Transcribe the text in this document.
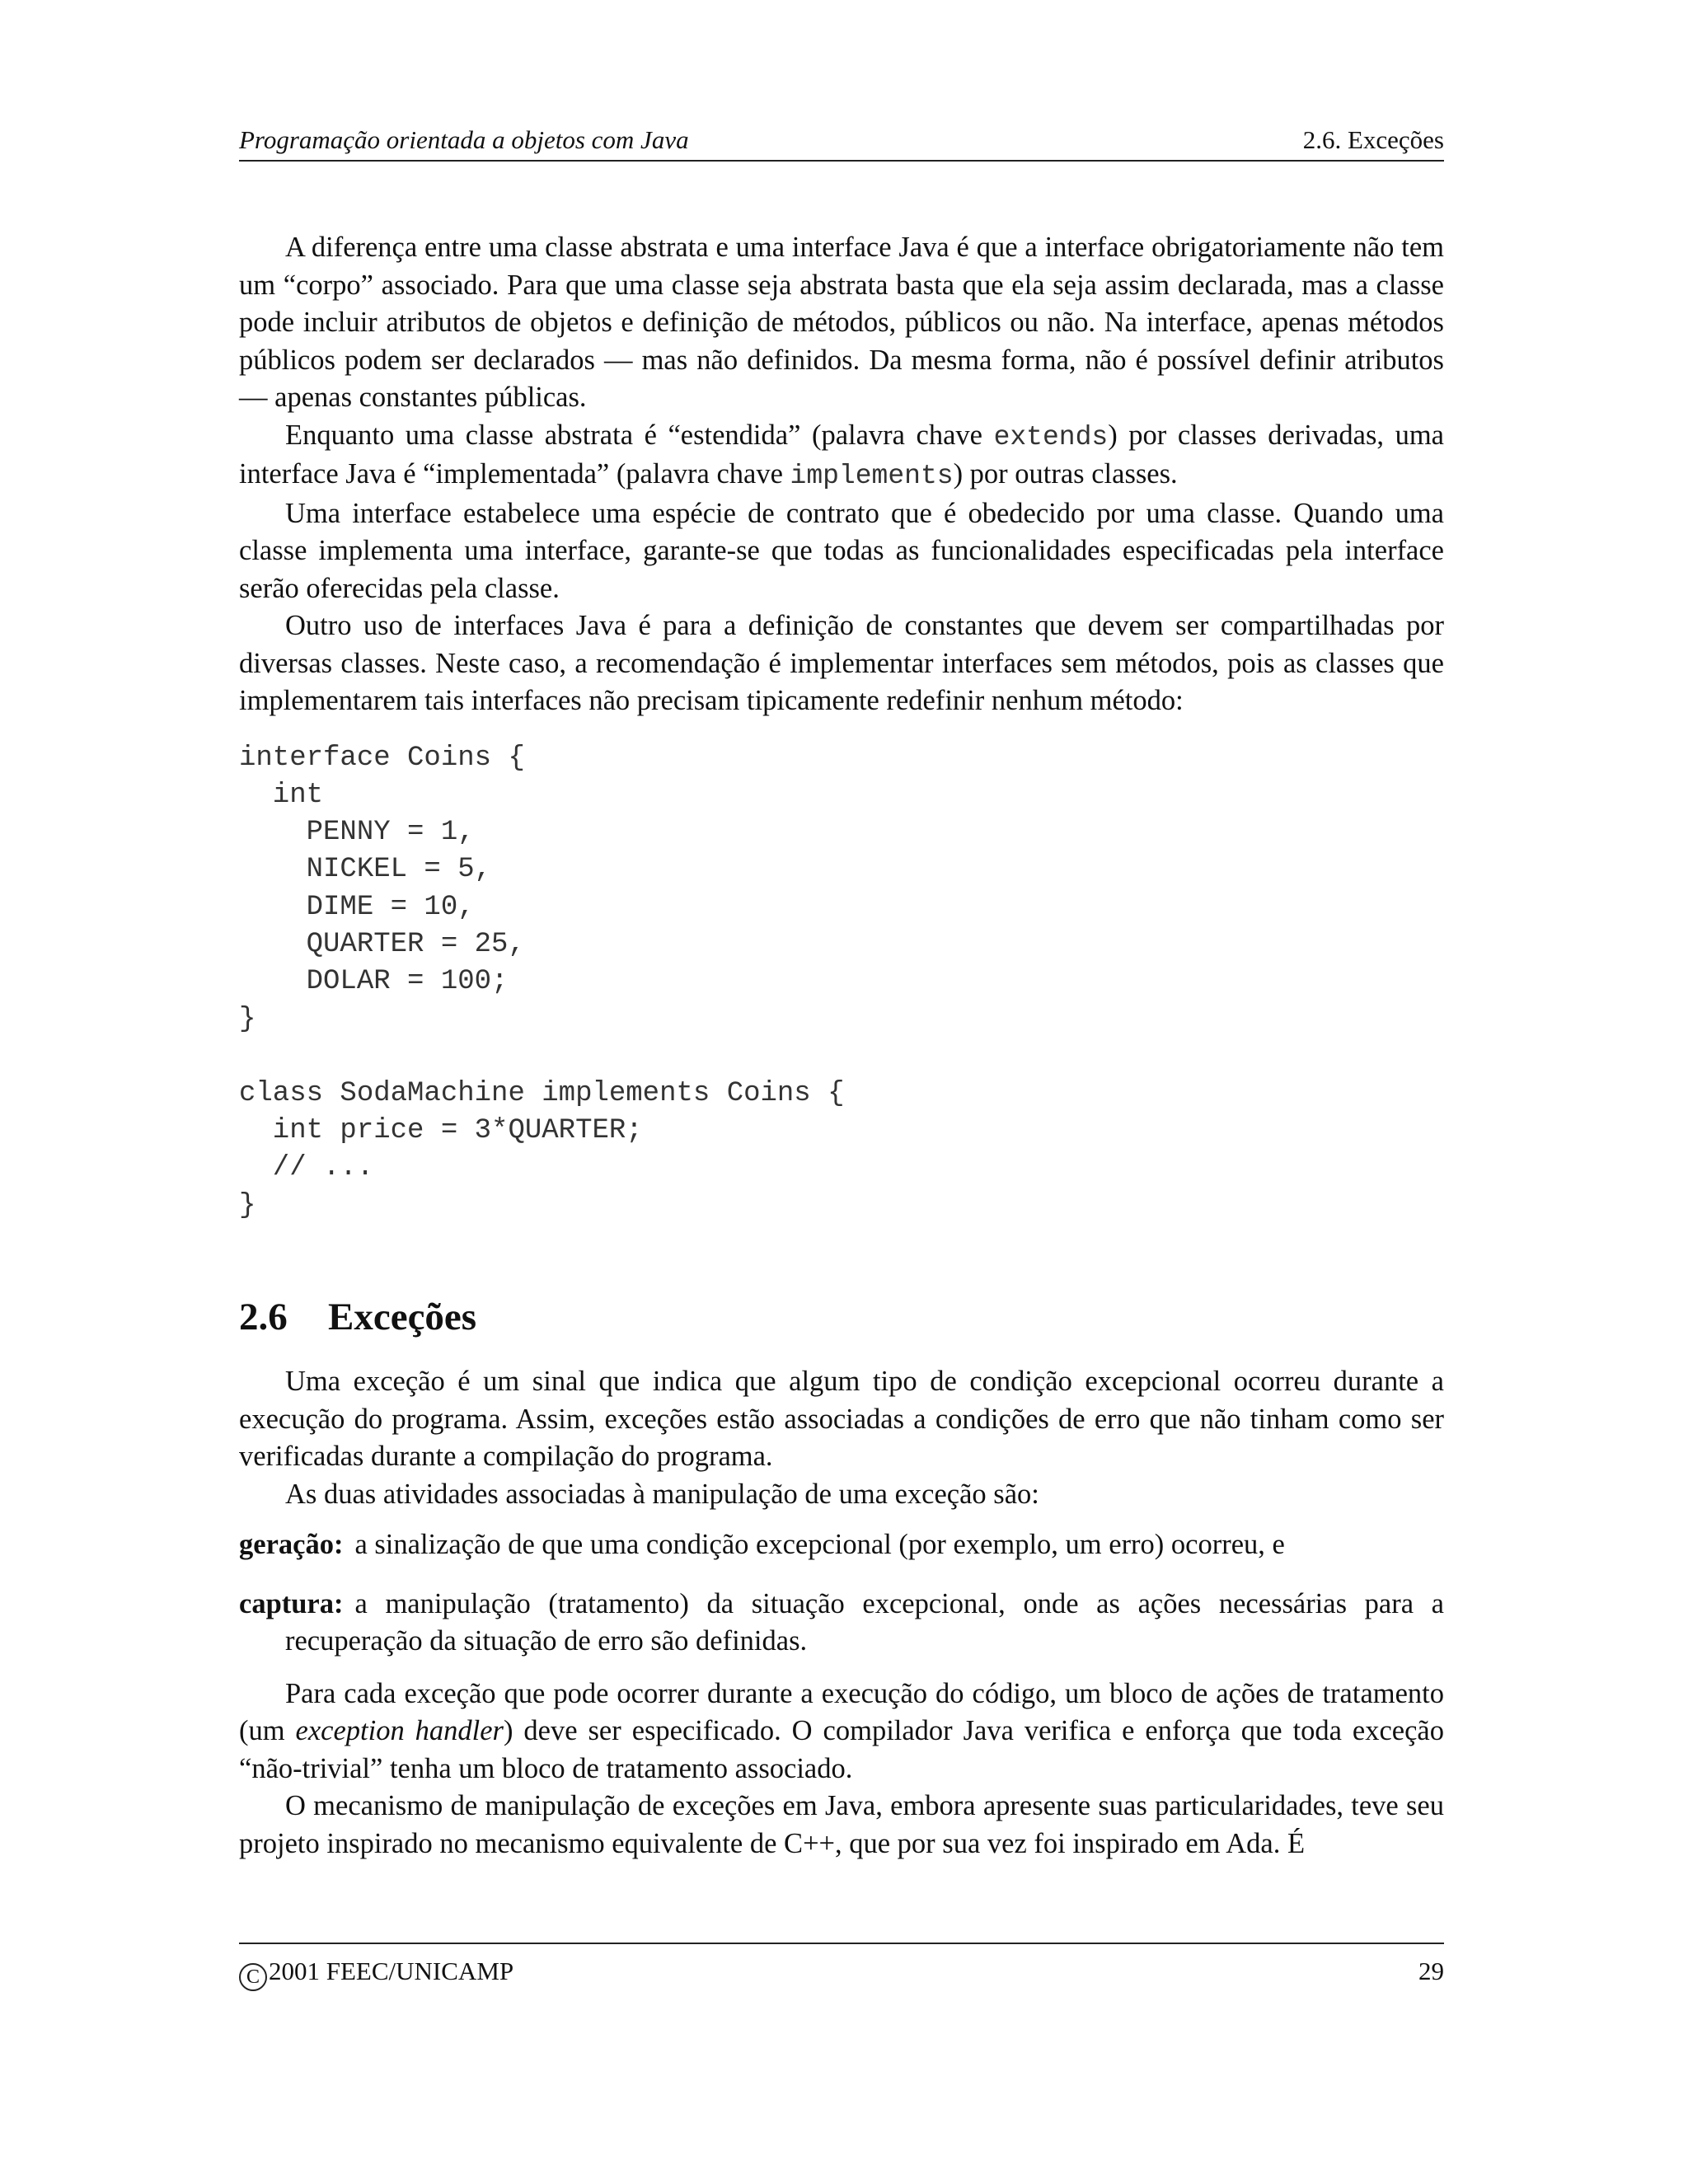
Programação orientada a objetos com Java	2.6. Exceções

A diferença entre uma classe abstrata e uma interface Java é que a interface obrigatoriamente não tem um “corpo” associado. Para que uma classe seja abstrata basta que ela seja assim declarada, mas a classe pode incluir atributos de objetos e definição de métodos, públicos ou não. Na interface, apenas métodos públicos podem ser declarados — mas não definidos. Da mesma forma, não é possível definir atributos — apenas constantes públicas.

Enquanto uma classe abstrata é “estendida” (palavra chave extends) por classes derivadas, uma interface Java é “implementada” (palavra chave implements) por outras classes.

Uma interface estabelece uma espécie de contrato que é obedecido por uma classe. Quando uma classe implementa uma interface, garante-se que todas as funcionalidades especificadas pela interface serão oferecidas pela classe.

Outro uso de interfaces Java é para a definição de constantes que devem ser compartilhadas por diversas classes. Neste caso, a recomendação é implementar interfaces sem métodos, pois as classes que implementarem tais interfaces não precisam tipicamente redefinir nenhum método:

interface Coins {
int
PENNY = 1,
NICKEL = 5,
DIME = 10,
QUARTER = 25,
DOLAR = 100;
}
class SodaMachine implements Coins {
int price = 3*QUARTER;
// ...
}
2.6 Exceções

Uma exceção é um sinal que indica que algum tipo de condição excepcional ocorreu durante a execução do programa. Assim, exceções estão associadas a condições de erro que não tinham como ser verificadas durante a compilação do programa.

As duas atividades associadas à manipulação de uma exceção são:

geração: a sinalização de que uma condição excepcional (por exemplo, um erro) ocorreu, e
captura: a manipulação (tratamento) da situação excepcional, onde as ações necessárias para a recuperação da situação de erro são definidas.

Para cada exceção que pode ocorrer durante a execução do código, um bloco de ações de tratamento (um exception handler) deve ser especificado. O compilador Java verifica e enforça que toda exceção “não-trivial” tenha um bloco de tratamento associado.

O mecanismo de manipulação de exceções em Java, embora apresente suas particularidades, teve seu projeto inspirado no mecanismo equivalente de C++, que por sua vez foi inspirado em Ada. É

C 2001 FEEC/UNICAMP	29
